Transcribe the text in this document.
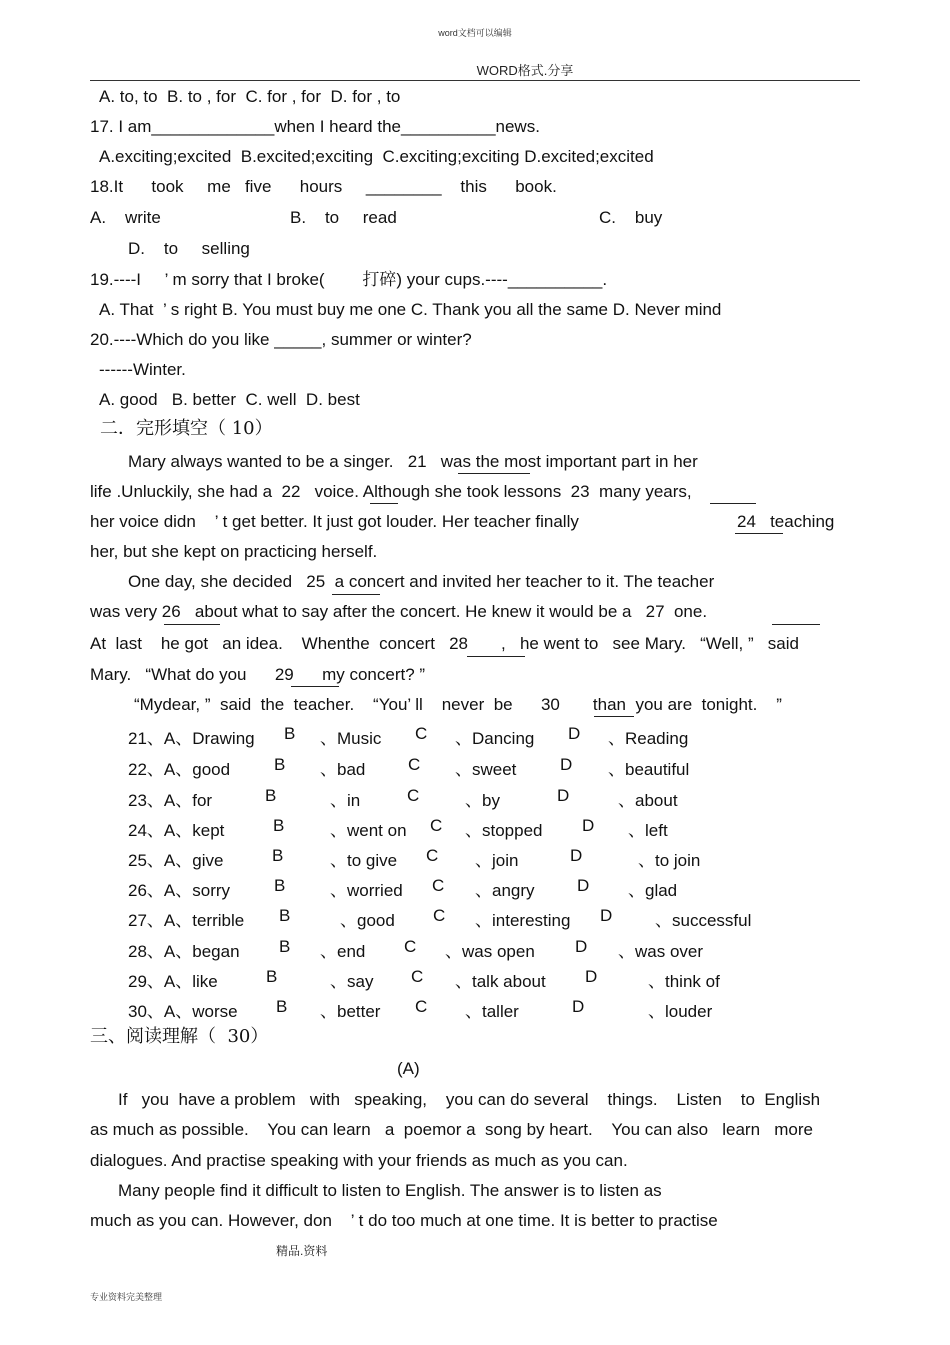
word文档可以编辑
WORD格式.分享
A. to, to  B. to , for  C. for , for  D. for , to
17. I am_____________when I heard the__________news.
A.exciting;excited  B.excited;exciting  C.exciting;exciting D.excited;excited
18.It      took     me   five      hours     ________    this      book.
A.    write	B.    to     read	C.    buy
D.    to     selling
19.----I     ’ m sorry that I broke(        打碎) your cups.----__________.
A. That  ’ s right B. You must buy me one C. Thank you all the same D. Never mind
20.----Which do you like _____, summer or winter?
------Winter.
A. good   B. better  C. well  D. best
二．完形填空（ 10）
Mary always wanted to be a singer.   21   was the most important part in her
life .Unluckily, she had a  22   voice. Although she took lessons  23  many years,
her voice didn    ’ t get better. It just got louder. Her teacher finally	24   teaching
her, but she kept on practicing herself.
One day, she decided   25  a concert and invited her teacher to it. The teacher
was very 26   about what to say after the concert. He knew it would be a   27  one.
At  last    he got   an idea.    Whenthe  concert   28       ,   he went to   see Mary.   “Well, ”   said
Mary.   “What do you      29      my concert? ”
“Mydear, ”  said  the  teacher.    “You’ ll    never  be      30       than  you are  tonight.    ”
21、A、Drawing B 、Music C 、Dancing D 、Reading
22、A、good	B 、bad	C 、sweet	D 、beautiful
23、A、for	B	、in	C	、by	D	、about
24、A、kept	B	、went on C 、stopped D 、left
25、A、give	B	、to give C 、join	D	、to join
26、A、sorry	B	、worried C 、angry D 、glad
27、A、terrible B	、good C 、interesting D	、successful
28、A、began B 、end C 、was open D 、was over
29、A、like	B	、say C 、talk about D	、think of
30、A、worse B 、better C 、taller	D	、louder
三、阅读理解（  30）
(A)
If   you  have a problem   with   speaking,    you can do several    things.    Listen    to  English
as much as possible.    You can learn   a  poemor a  song by heart.    You can also   learn   more
dialogues. And practise speaking with your friends as much as you can.
Many people find it difficult to listen to English. The answer is to listen as
much as you can. However, don    ’ t do too much at one time. It is better to practise
精品.资料
专业资料完美整理
